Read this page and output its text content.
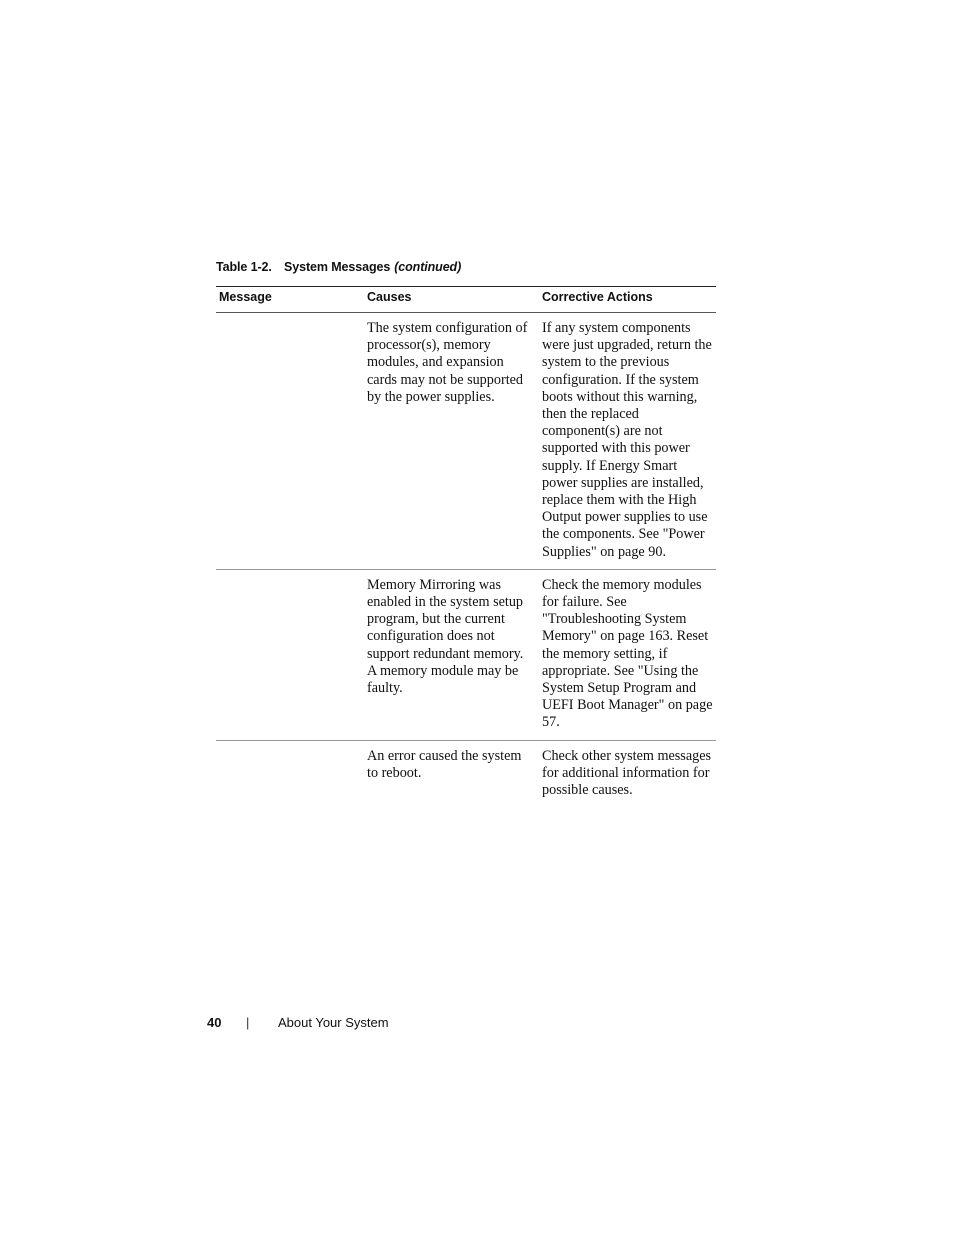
Table 1-2. System Messages (continued)
Message	Causes	Corrective Actions
	The system configuration of processor(s), memory modules, and expansion cards may not be supported by the power supplies.	If any system components were just upgraded, return the system to the previous configuration. If the system boots without this warning, then the replaced component(s) are not supported with this power supply. If Energy Smart power supplies are installed, replace them with the High Output power supplies to use the components. See "Power Supplies" on page 90.
	Memory Mirroring was enabled in the system setup program, but the current configuration does not support redundant memory. A memory module may be faulty.	Check the memory modules for failure. See "Troubleshooting System Memory" on page 163. Reset the memory setting, if appropriate. See "Using the System Setup Program and UEFI Boot Manager" on page 57.
	An error caused the system to reboot.	Check other system messages for additional information for possible causes.
40 | About Your System
